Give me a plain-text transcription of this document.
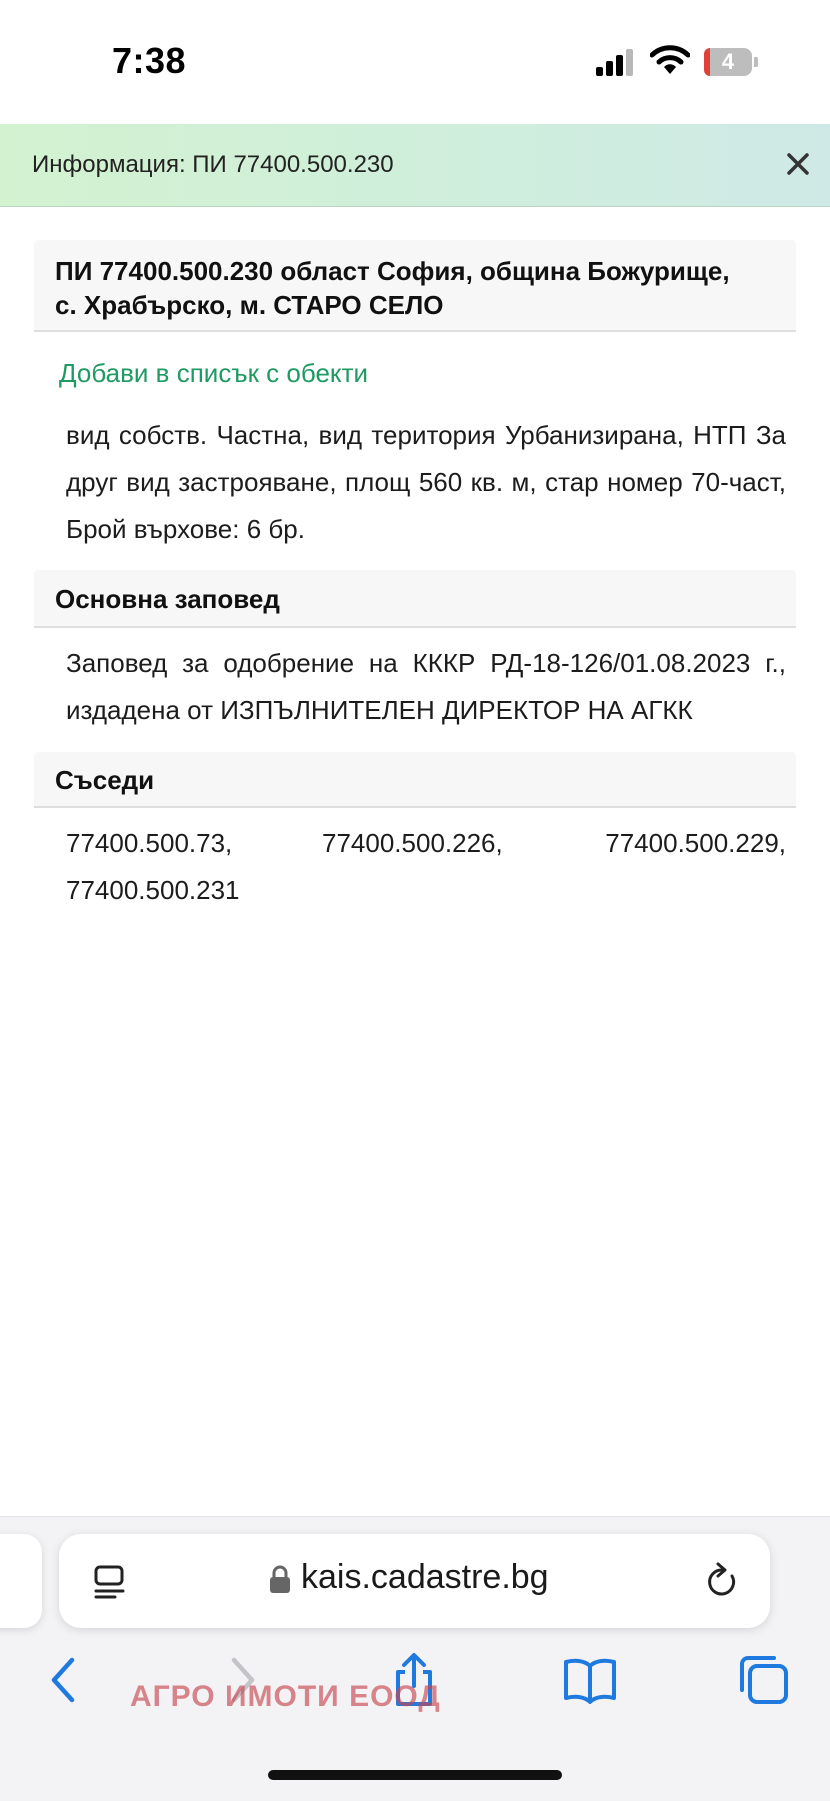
7:38	4
Информация: ПИ 77400.500.230
ПИ 77400.500.230 област София, община Божурище,
с. Храбърско, м. СТАРО СЕЛО
Добави в списък с обекти
вид собств. Частна, вид територия Урбанизирана, НТП За друг вид застрояване, площ 560 кв. м, стар номер 70-част, Брой върхове: 6 бр.
Основна заповед
Заповед за одобрение на КККР РД-18-126/01.08.2023 г., издадена от ИЗПЪЛНИТЕЛЕН ДИРЕКТОР НА АГКК
Съседи
77400.500.73,	77400.500.226,	77400.500.229,
77400.500.231
kais.cadastre.bg
АГРО ИМОТИ ЕООД
